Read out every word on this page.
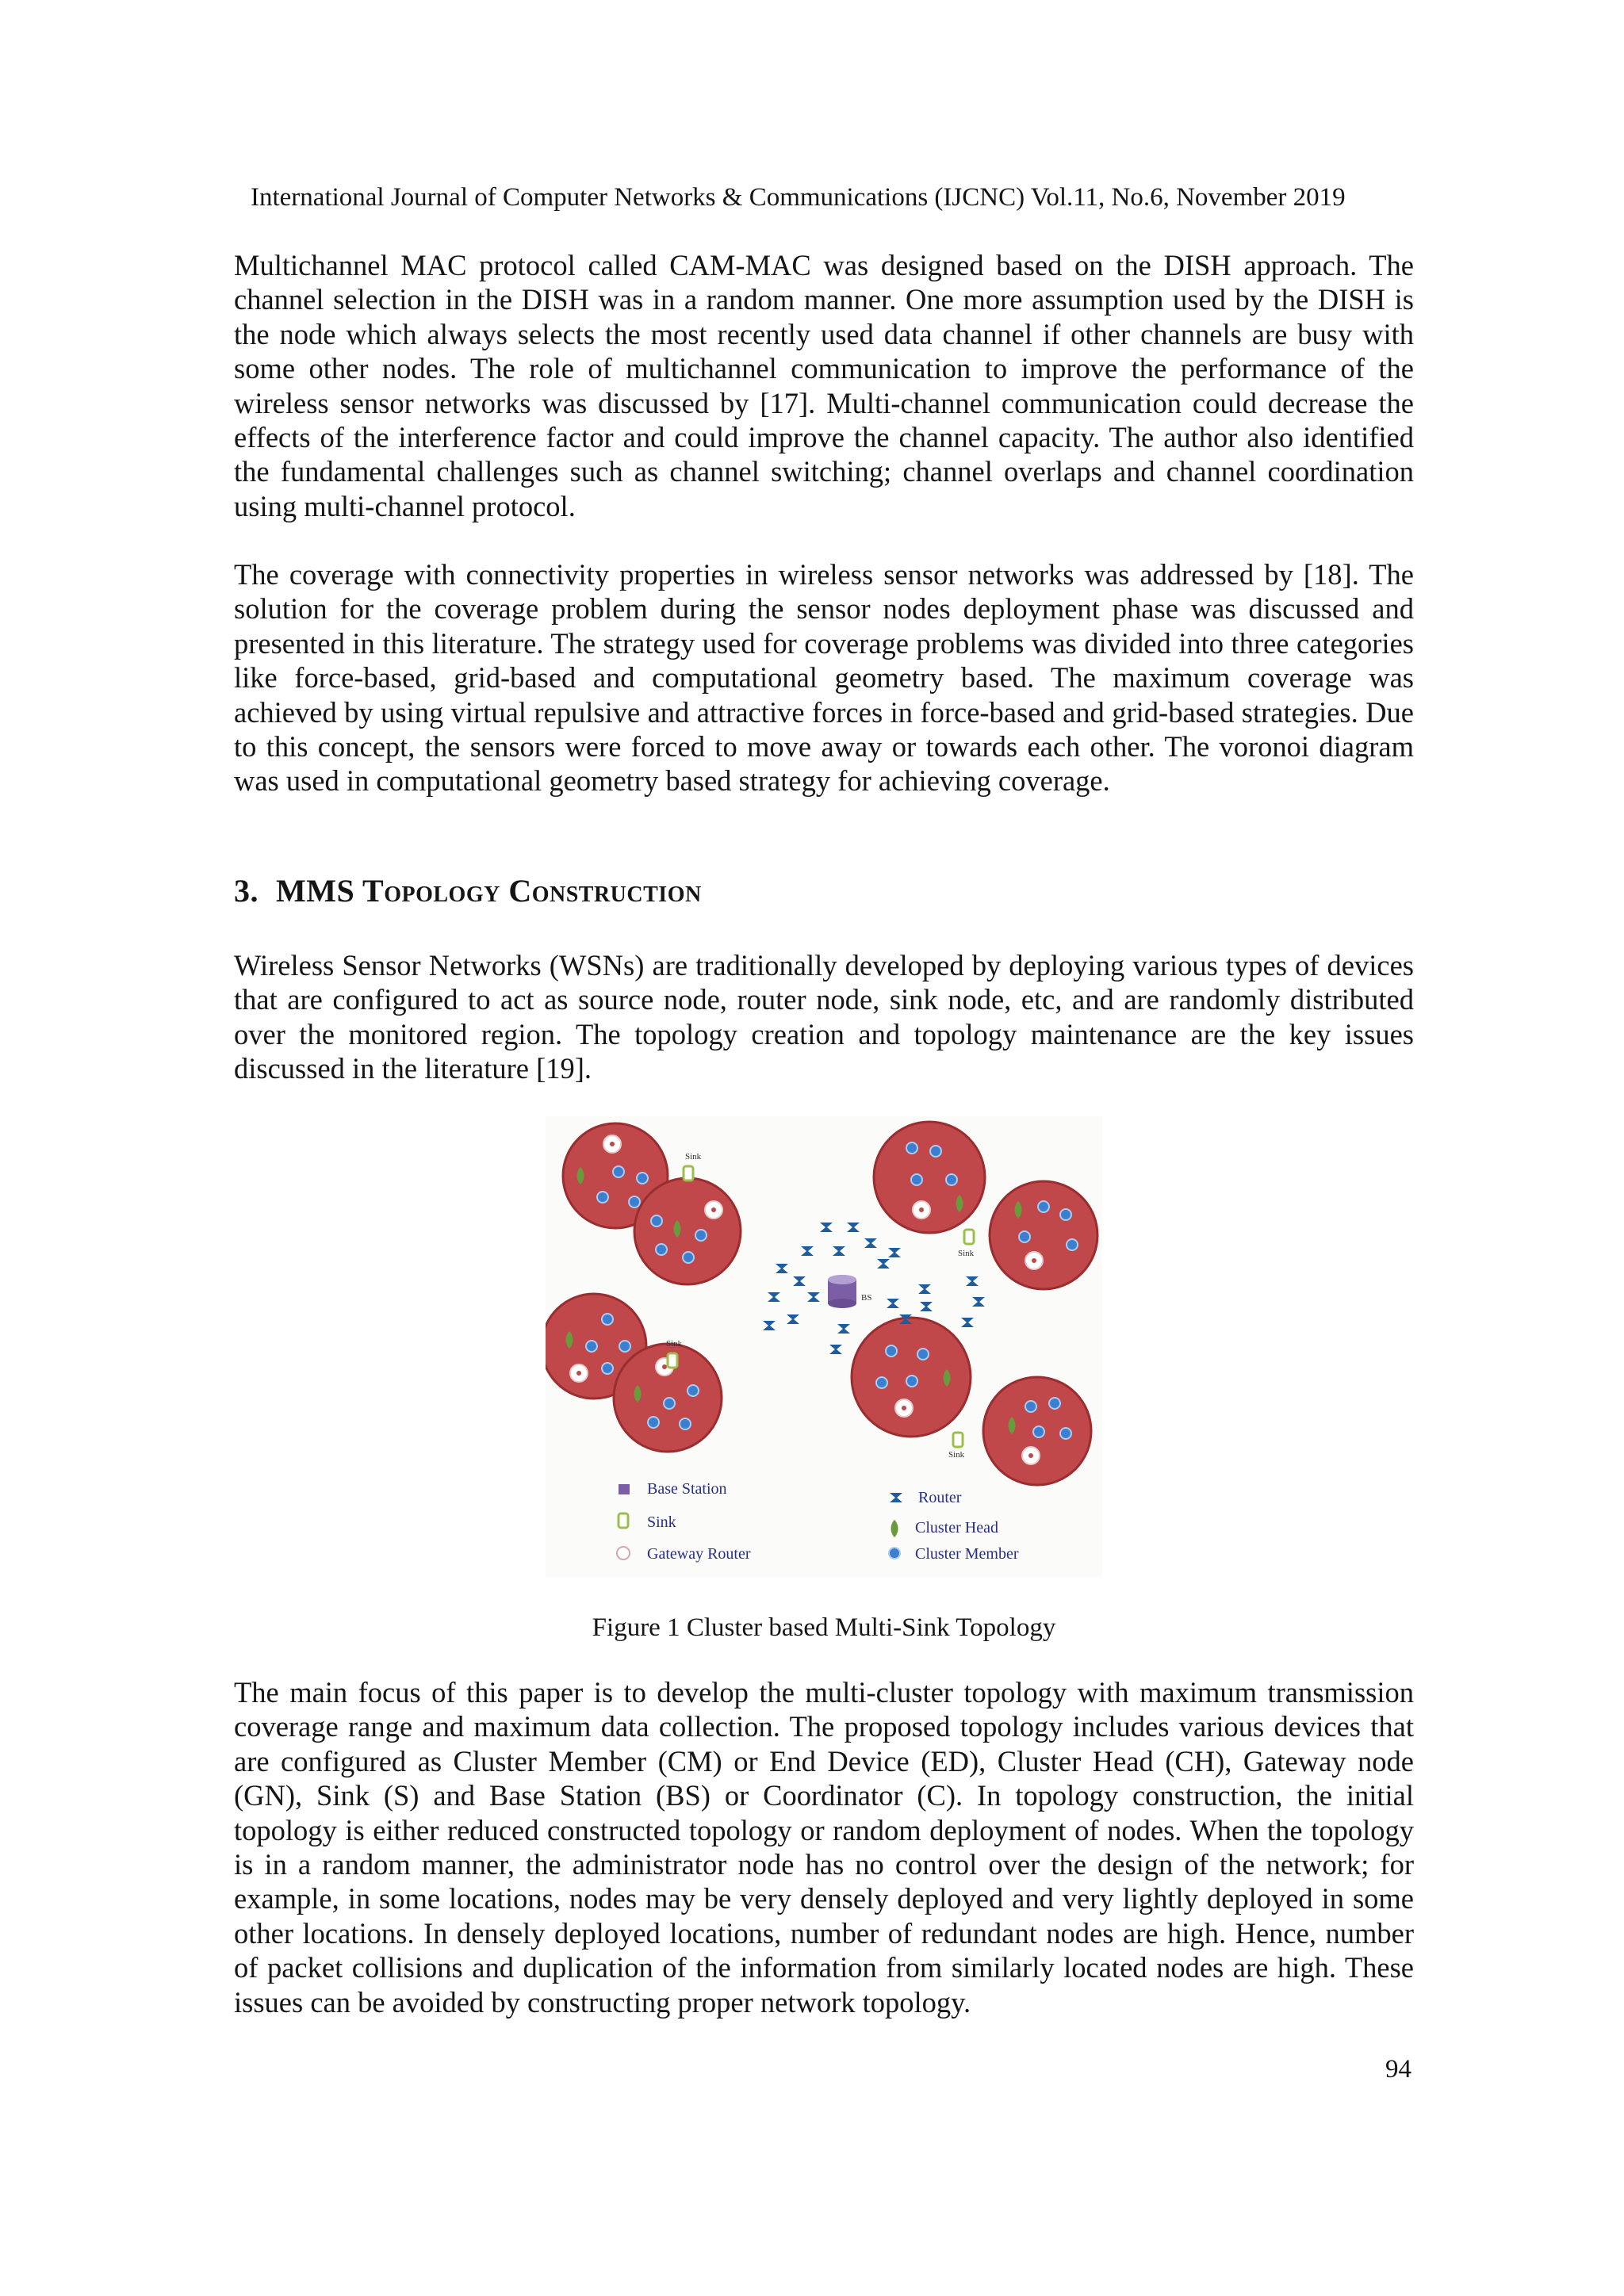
International Journal of Computer Networks & Communications (IJCNC) Vol.11, No.6, November 2019

Multichannel MAC protocol called CAM-MAC was designed based on the DISH approach. The channel selection in the DISH was in a random manner. One more assumption used by the DISH is the node which always selects the most recently used data channel if other channels are busy with some other nodes. The role of multichannel communication to improve the performance of the wireless sensor networks was discussed by [17]. Multi-channel communication could decrease the effects of the interference factor and could improve the channel capacity. The author also identified the fundamental challenges such as channel switching; channel overlaps and channel coordination using multi-channel protocol.

The coverage with connectivity properties in wireless sensor networks was addressed by [18]. The solution for the coverage problem during the sensor nodes deployment phase was discussed and presented in this literature. The strategy used for coverage problems was divided into three categories like force-based, grid-based and computational geometry based. The maximum coverage was achieved by using virtual repulsive and attractive forces in force-based and grid-based strategies. Due to this concept, the sensors were forced to move away or towards each other. The voronoi diagram was used in computational geometry based strategy for achieving coverage.

3. MMS Topology Construction

Wireless Sensor Networks (WSNs) are traditionally developed by deploying various types of devices that are configured to act as source node, router node, sink node, etc, and are randomly distributed over the monitored region. The topology creation and topology maintenance are the key issues discussed in the literature [19].

Sink
Sink
Sink
Sink
BS
Base Station
Sink
Gateway Router
Router
Cluster Head
Cluster Member
Figure 1 Cluster based Multi-Sink Topology

The main focus of this paper is to develop the multi-cluster topology with maximum transmission coverage range and maximum data collection. The proposed topology includes various devices that are configured as Cluster Member (CM) or End Device (ED), Cluster Head (CH), Gateway node (GN), Sink (S) and Base Station (BS) or Coordinator (C). In topology construction, the initial topology is either reduced constructed topology or random deployment of nodes. When the topology is in a random manner, the administrator node has no control over the design of the network; for example, in some locations, nodes may be very densely deployed and very lightly deployed in some other locations. In densely deployed locations, number of redundant nodes are high. Hence, number of packet collisions and duplication of the information from similarly located nodes are high. These issues can be avoided by constructing proper network topology.

94
